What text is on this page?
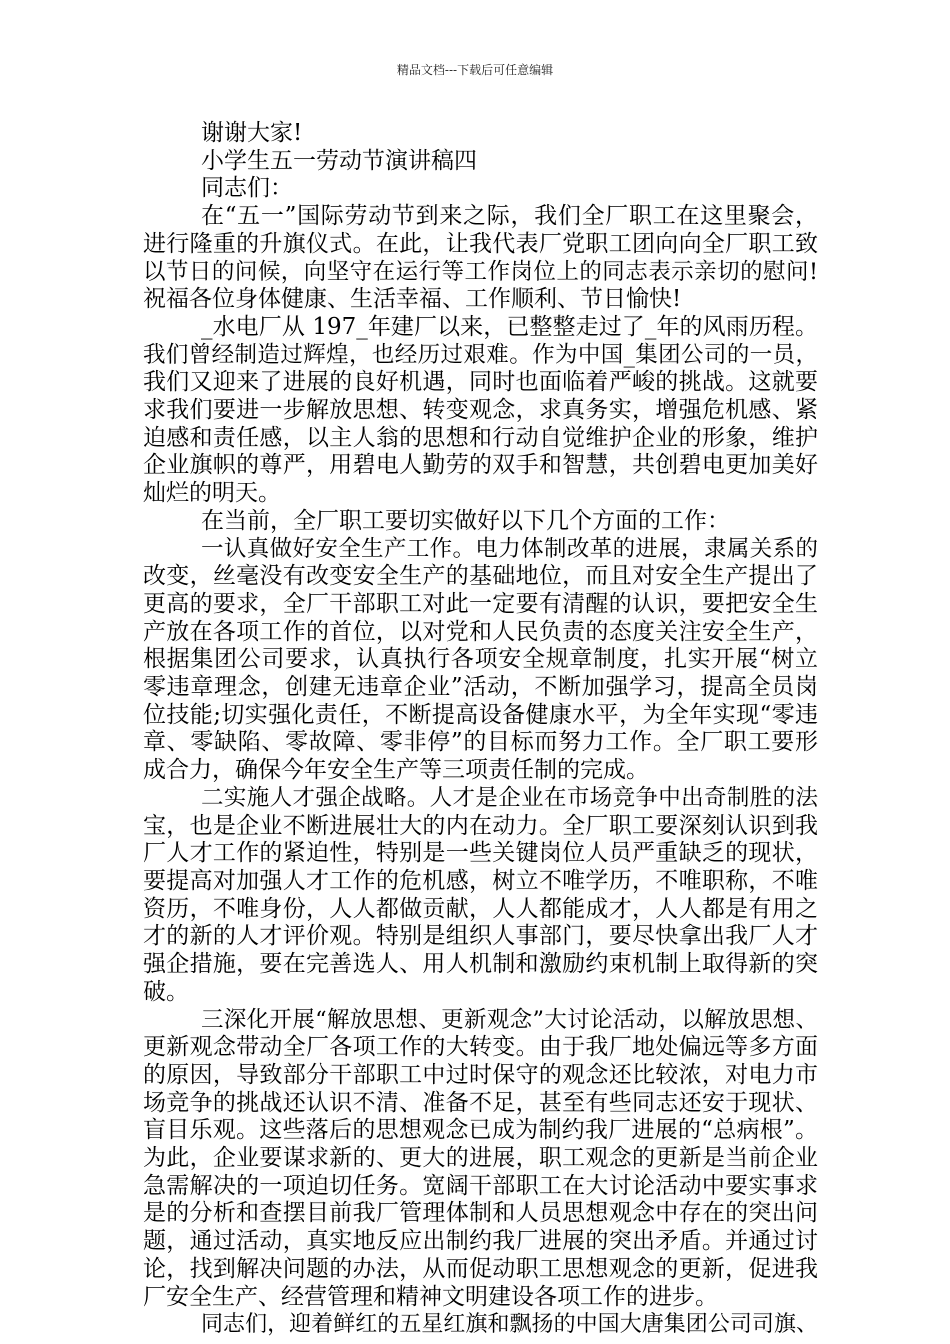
精品文档---下载后可任意编辑
谢谢大家!
小学生五一劳动节演讲稿四
同志们：
在“五一”国际劳动节到来之际，我们全厂职工在这里聚会，
进行隆重的升旗仪式。在此，让我代表厂党职工团向向全厂职工致
以节日的问候，向坚守在运行等工作岗位上的同志表示亲切的慰问!
祝福各位身体健康、生活幸福、工作顺利、节日愉快!
_水电厂从 197_年建厂以来，已整整走过了_年的风雨历程。
我们曾经制造过辉煌，也经历过艰难。作为中国_集团公司的一员，
我们又迎来了进展的良好机遇，同时也面临着严峻的挑战。这就要
求我们要进一步解放思想、转变观念，求真务实，增强危机感、紧
迫感和责任感，以主人翁的思想和行动自觉维护企业的形象，维护
企业旗帜的尊严，用碧电人勤劳的双手和智慧，共创碧电更加美好
灿烂的明天。
在当前，全厂职工要切实做好以下几个方面的工作：
一认真做好安全生产工作。电力体制改革的进展，隶属关系的
改变，丝毫没有改变安全生产的基础地位，而且对安全生产提出了
更高的要求，全厂干部职工对此一定要有清醒的认识，要把安全生
产放在各项工作的首位，以对党和人民负责的态度关注安全生产，
根据集团公司要求，认真执行各项安全规章制度，扎实开展“树立
零违章理念，创建无违章企业”活动，不断加强学习，提高全员岗
位技能;切实强化责任，不断提高设备健康水平，为全年实现“零违
章、零缺陷、零故障、零非停”的目标而努力工作。全厂职工要形
成合力，确保今年安全生产等三项责任制的完成。
二实施人才强企战略。人才是企业在市场竞争中出奇制胜的法
宝，也是企业不断进展壮大的内在动力。全厂职工要深刻认识到我
厂人才工作的紧迫性，特别是一些关键岗位人员严重缺乏的现状，
要提高对加强人才工作的危机感，树立不唯学历，不唯职称，不唯
资历，不唯身份，人人都做贡献，人人都能成才，人人都是有用之
才的新的人才评价观。特别是组织人事部门，要尽快拿出我厂人才
强企措施，要在完善选人、用人机制和激励约束机制上取得新的突
破。
三深化开展“解放思想、更新观念”大讨论活动，以解放思想、
更新观念带动全厂各项工作的大转变。由于我厂地处偏远等多方面
的原因，导致部分干部职工中过时保守的观念还比较浓，对电力市
场竞争的挑战还认识不清、准备不足，甚至有些同志还安于现状、
盲目乐观。这些落后的思想观念已成为制约我厂进展的“总病根”。
为此，企业要谋求新的、更大的进展，职工观念的更新是当前企业
急需解决的一项迫切任务。宽阔干部职工在大讨论活动中要实事求
是的分析和查摆目前我厂管理体制和人员思想观念中存在的突出问
题，通过活动，真实地反应出制约我厂进展的突出矛盾。并通过讨
论，找到解决问题的办法，从而促动职工思想观念的更新，促进我
厂安全生产、经营管理和精神文明建设各项工作的进步。
同志们，迎着鲜红的五星红旗和飘扬的中国大唐集团公司司旗、
